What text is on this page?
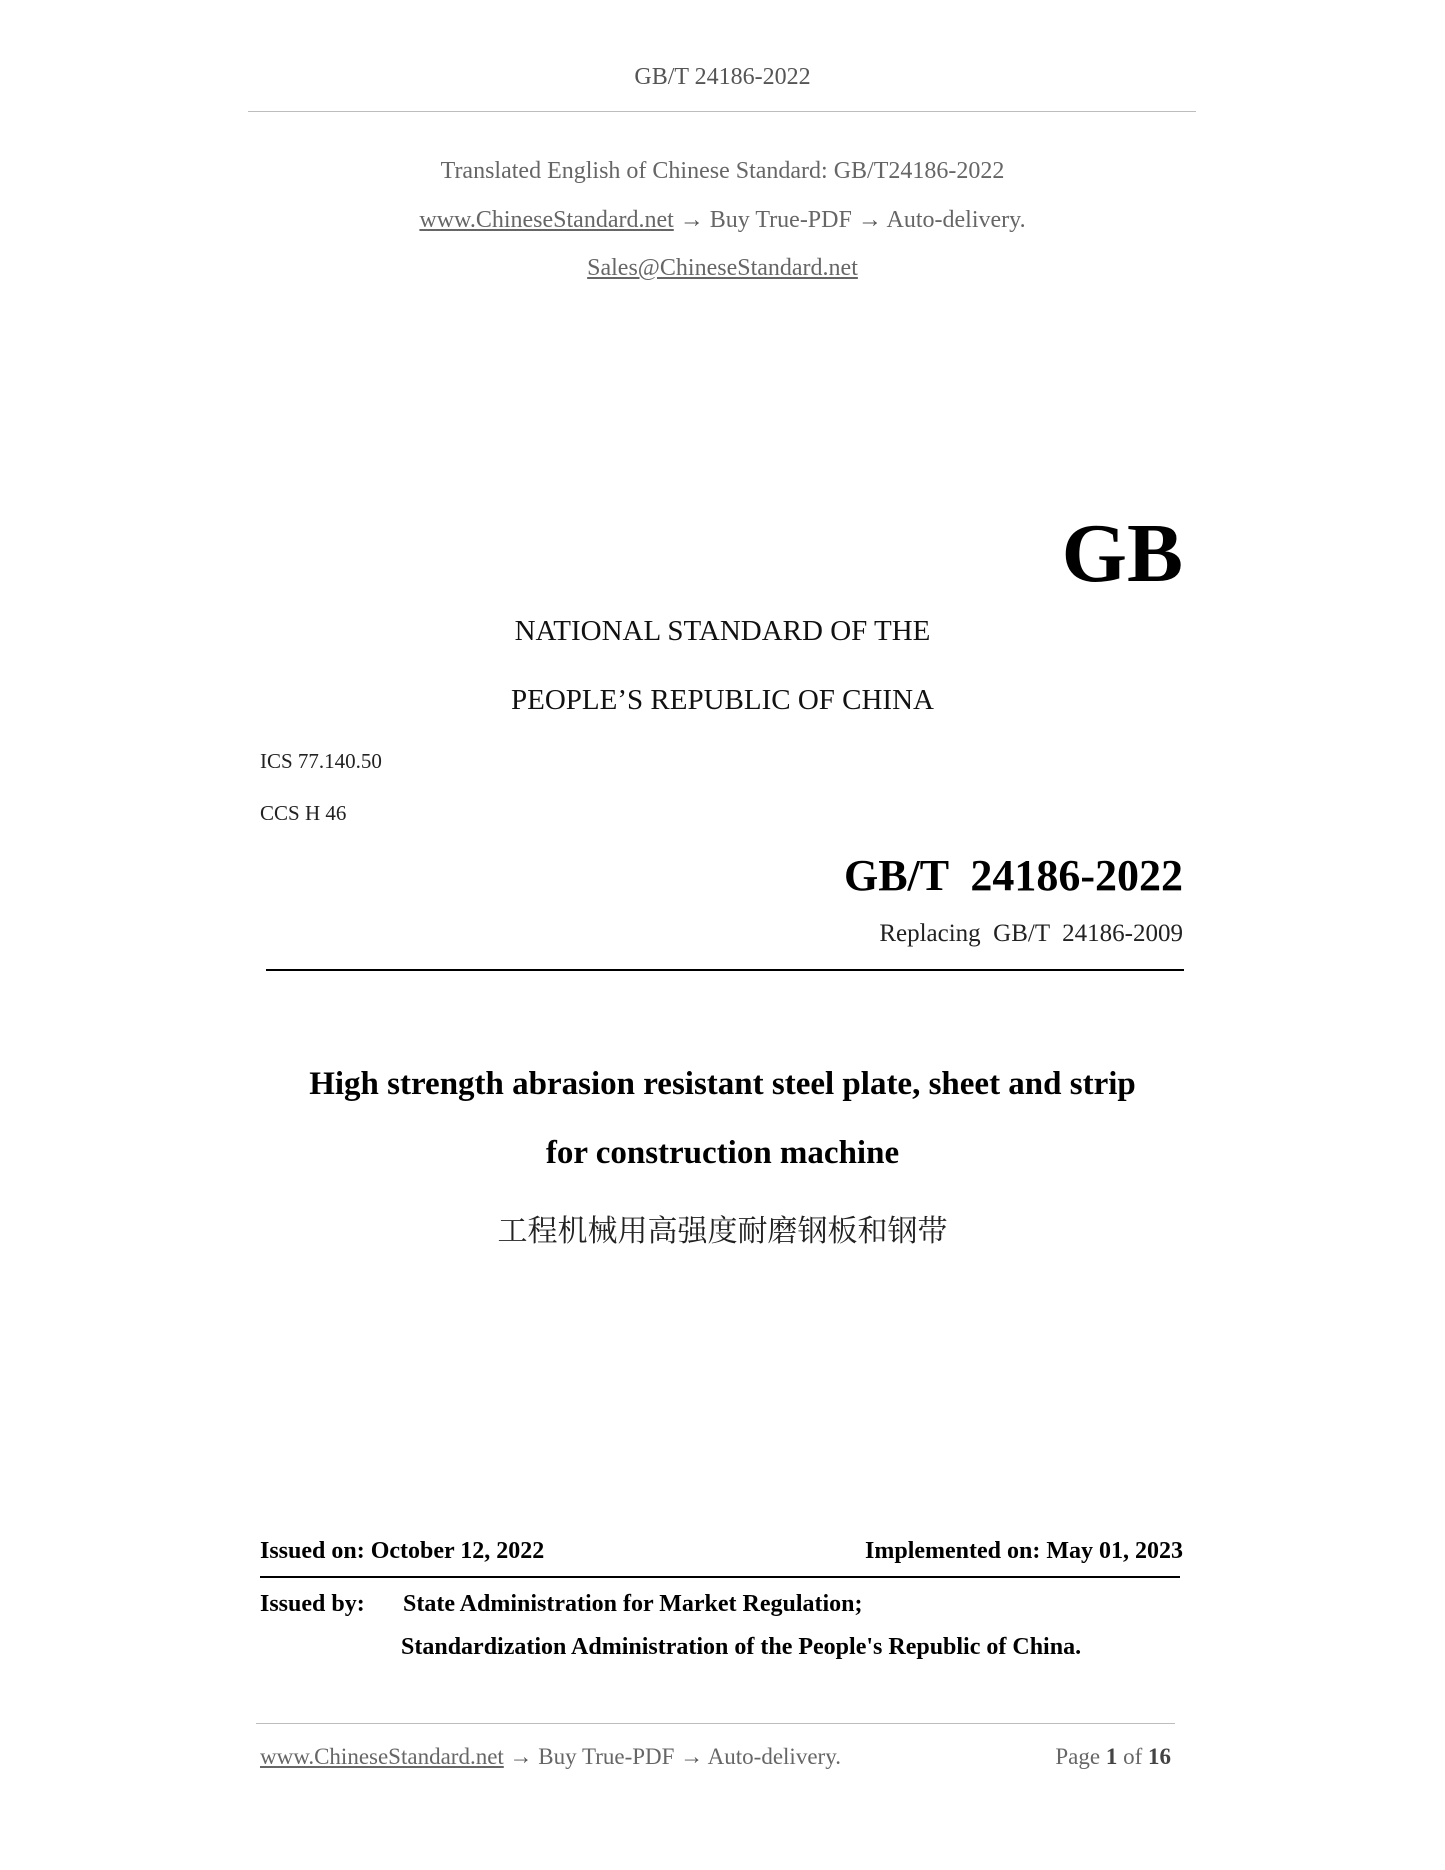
GB/T 24186-2022
Translated English of Chinese Standard: GB/T24186-2022
www.ChineseStandard.net → Buy True-PDF → Auto-delivery.
Sales@ChineseStandard.net
GB
NATIONAL STANDARD OF THE
PEOPLE’S REPUBLIC OF CHINA
ICS 77.140.50
CCS H 46
GB/T  24186-2022
Replacing  GB/T  24186-2009
High strength abrasion resistant steel plate, sheet and strip
for construction machine
工程机械用高强度耐磨钢板和钢带
Issued on: October 12, 2022	Implemented on: May 01, 2023
Issued by: State Administration for Market Regulation;
Standardization Administration of the People's Republic of China.
www.ChineseStandard.net → Buy True-PDF → Auto-delivery.	Page 1 of 16
